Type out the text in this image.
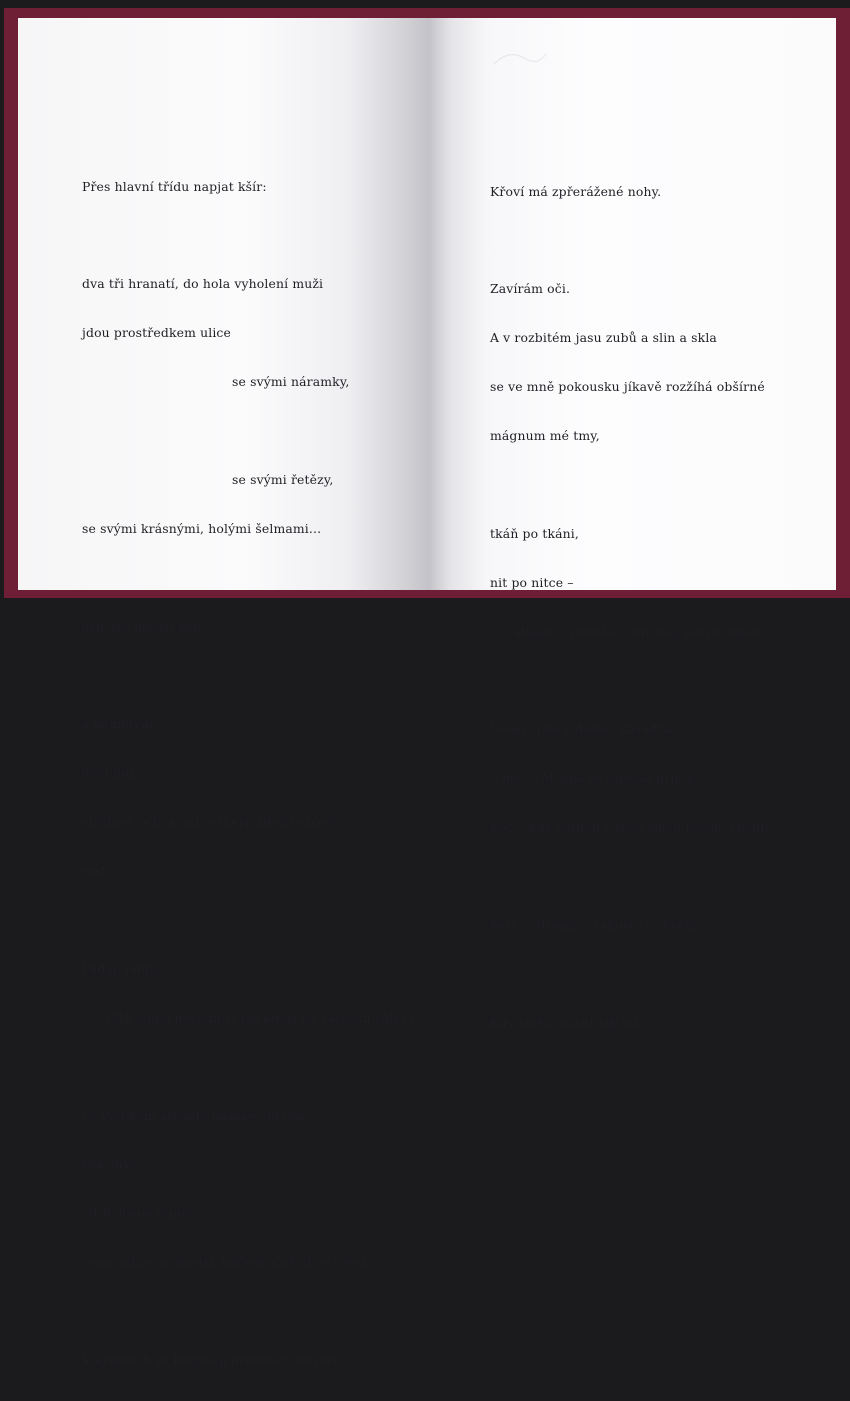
Přes hlavní třídu napjat kšír:

dva tři hranatí, do hola vyholení muži

jdou prostředkem ulice

se svými náramky,

se svými řetězy,

se svými krásnými, holými šelmami...

drnčivě napjat kšír...

a nemluvní,

důstojní,

střídavě ochcávají veškeru zdejší oblost a

srst.

Padají jablka.

(Má lehká nevolnost jak kdysi na začátku války)

ve vysokém zrcadle pasáže, od oka

pravdivý,

jat ledovou lupou,

jsem náhle nejmenší, nejlegračnější ze všech.

V krámech se blejskají předměty hovorů.

Křoví má zpřerážené nohy.

Zavírám oči.

A v rozbitém jasu zubů a slin a skla

se ve mně pokousku jíkavě rozžíhá obšírné

mágnum mé tmy,

tkáň po tkáni,

nit po nitce –

klikatě vytřeštěn celý můj krevní oběh!

Slepá zima v domě. Zavadila

o mě.    Možná že dneska přijde

noc,   kdy jednou v roce smějí potmě chodit

keře,   stromy,   rákosí   i   květiny.

Kdy smějí utíkat jak lidi.
